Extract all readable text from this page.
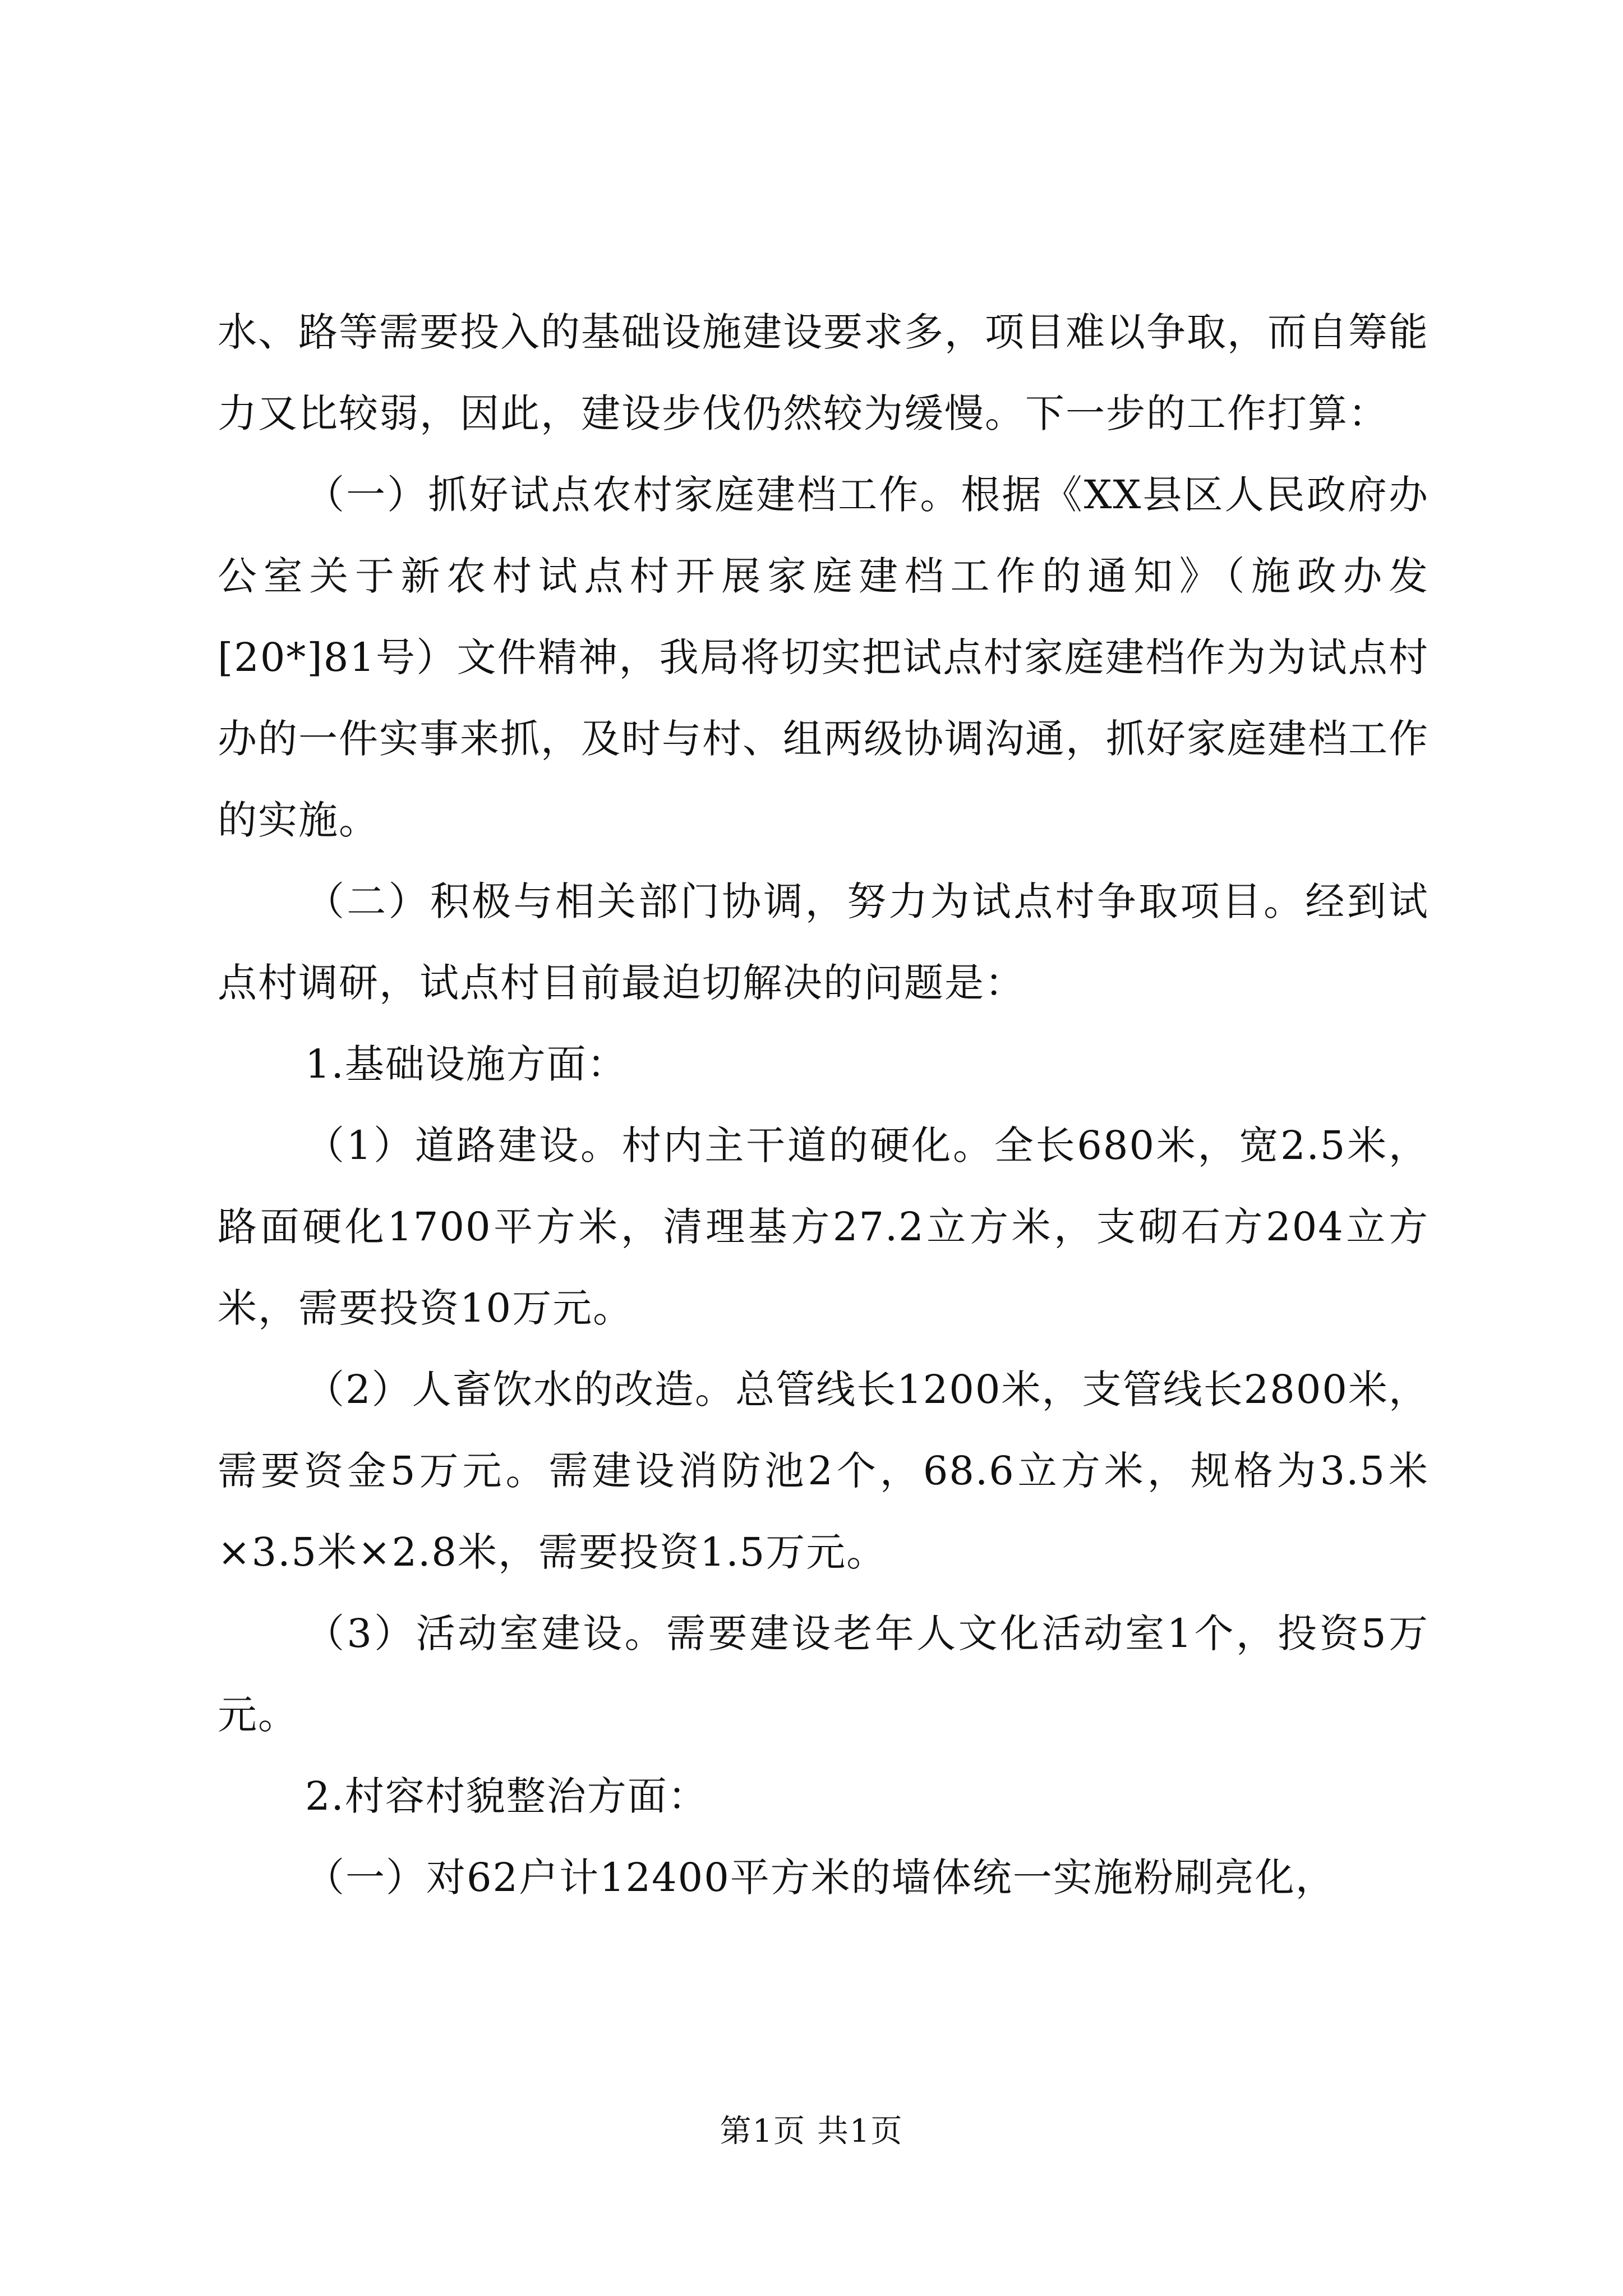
水、路等需要投入的基础设施建设要求多，项目难以争取，而自筹能力又比较弱，因此，建设步伐仍然较为缓慢。下一步的工作打算：

（一）抓好试点农村家庭建档工作。根据《XX县区人民政府办公室关于新农村试点村开展家庭建档工作的通知》（施政办发[20*]81号）文件精神，我局将切实把试点村家庭建档作为为试点村办的一件实事来抓，及时与村、组两级协调沟通，抓好家庭建档工作的实施。

（二）积极与相关部门协调，努力为试点村争取项目。经到试点村调研，试点村目前最迫切解决的问题是：

1.基础设施方面：

（1）道路建设。村内主干道的硬化。全长680米，宽2.5米，路面硬化1700平方米，清理基方27.2立方米，支砌石方204立方米，需要投资10万元。

（2）人畜饮水的改造。总管线长1200米，支管线长2800米，需要资金5万元。需建设消防池2个，68.6立方米，规格为3.5米×3.5米×2.8米，需要投资1.5万元。

（3）活动室建设。需要建设老年人文化活动室1个，投资5万元。

2.村容村貌整治方面：

（一）对62户计12400平方米的墙体统一实施粉刷亮化，

第1页 共1页
